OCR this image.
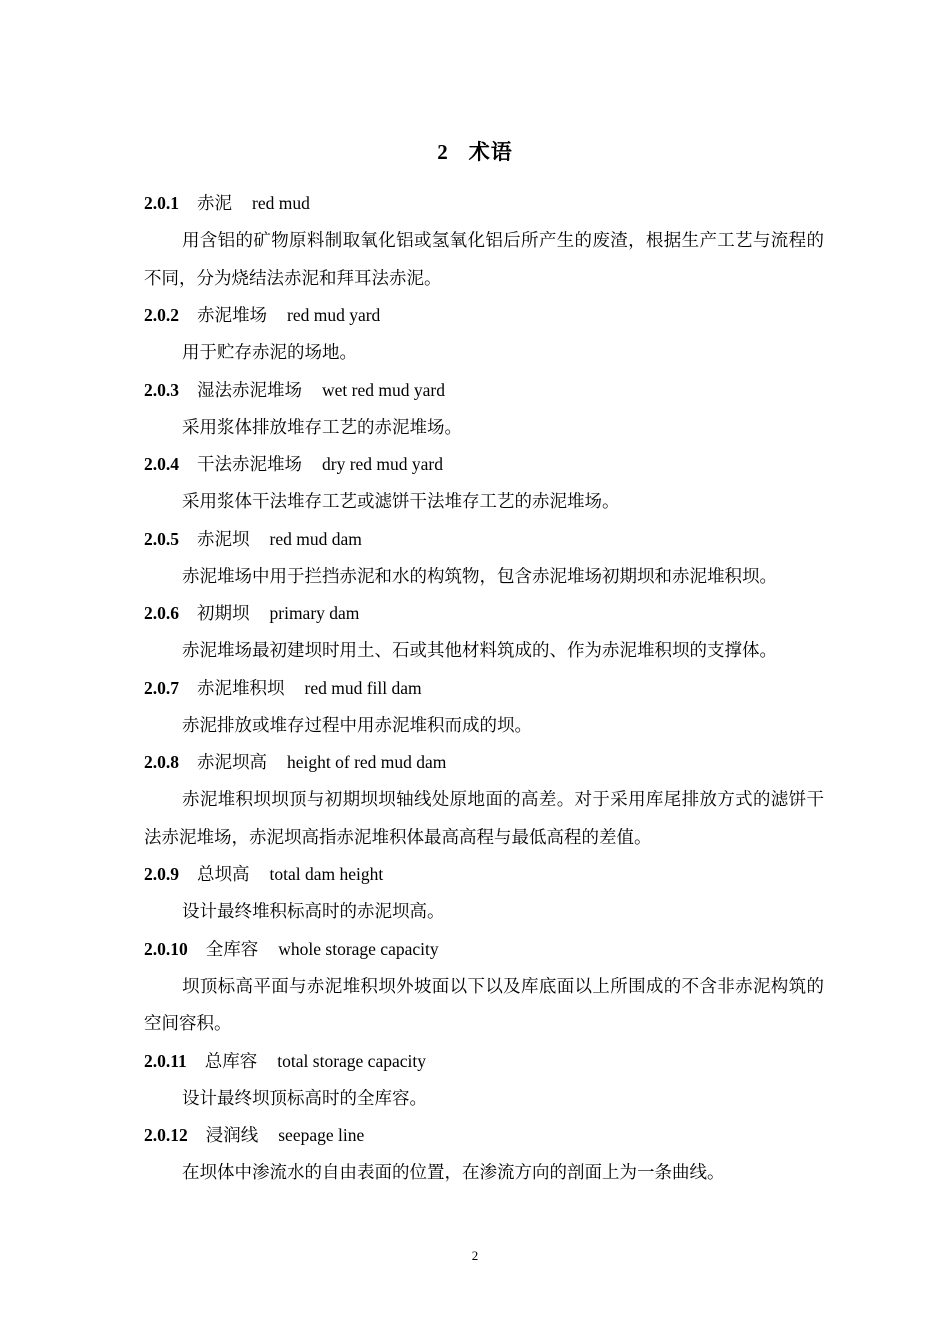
2 术语
2.0.1 赤泥 red mud

用含铝的矿物原料制取氧化铝或氢氧化铝后所产生的废渣，根据生产工艺与流程的不同，分为烧结法赤泥和拜耳法赤泥。

2.0.2 赤泥堆场 red mud yard

用于贮存赤泥的场地。

2.0.3 湿法赤泥堆场 wet red mud yard

采用浆体排放堆存工艺的赤泥堆场。

2.0.4 干法赤泥堆场 dry red mud yard

采用浆体干法堆存工艺或滤饼干法堆存工艺的赤泥堆场。

2.0.5 赤泥坝 red mud dam

赤泥堆场中用于拦挡赤泥和水的构筑物，包含赤泥堆场初期坝和赤泥堆积坝。

2.0.6 初期坝 primary dam

赤泥堆场最初建坝时用土、石或其他材料筑成的、作为赤泥堆积坝的支撑体。

2.0.7 赤泥堆积坝 red mud fill dam

赤泥排放或堆存过程中用赤泥堆积而成的坝。

2.0.8 赤泥坝高 height of red mud dam

赤泥堆积坝坝顶与初期坝坝轴线处原地面的高差。对于采用库尾排放方式的滤饼干法赤泥堆场，赤泥坝高指赤泥堆积体最高高程与最低高程的差值。

2.0.9 总坝高 total dam height

设计最终堆积标高时的赤泥坝高。

2.0.10 全库容 whole storage capacity

坝顶标高平面与赤泥堆积坝外坡面以下以及库底面以上所围成的不含非赤泥构筑的空间容积。

2.0.11 总库容 total storage capacity

设计最终坝顶标高时的全库容。

2.0.12 浸润线 seepage line

在坝体中渗流水的自由表面的位置，在渗流方向的剖面上为一条曲线。

2
